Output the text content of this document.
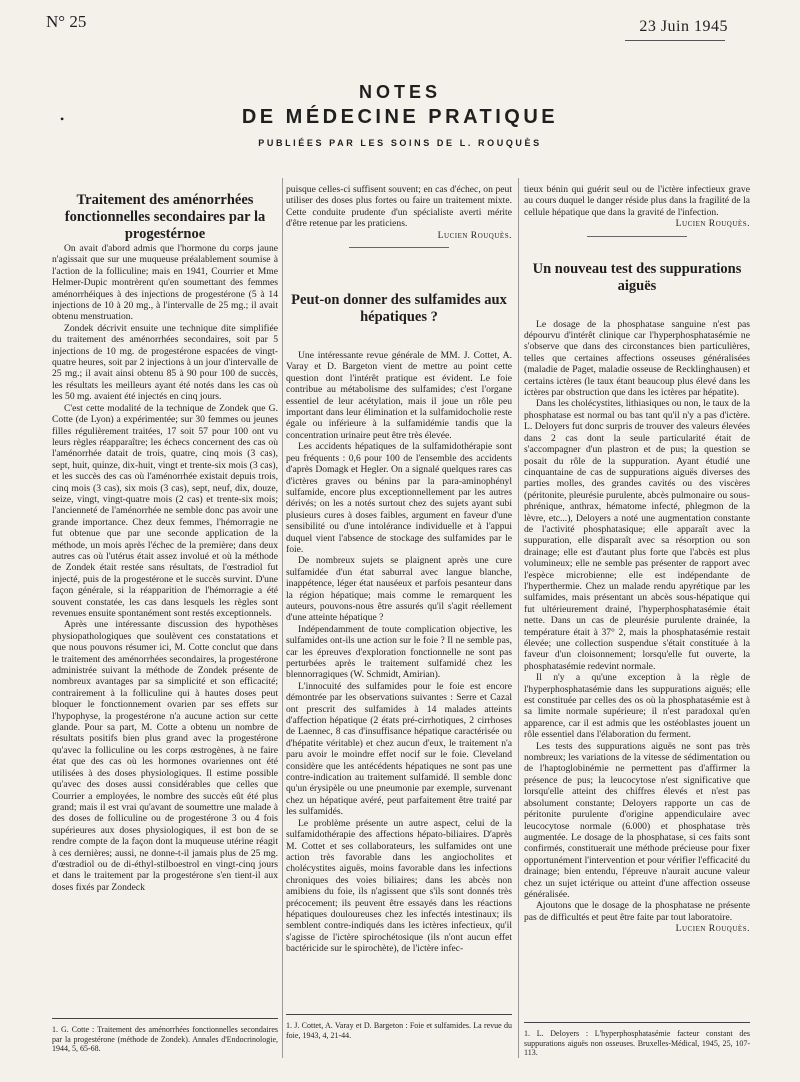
N° 25	23 Juin 1945
•
NOTES
DE MÉDECINE PRATIQUE
PUBLIÉES PAR LES SOINS DE L. ROUQUÈS

Traitement des aménorrhées fonctionnelles secondaires par la progestérnoe

On avait d'abord admis que l'hormone du corps jaune n'agissait que sur une muqueuse préalablement soumise à l'action de la folliculine; mais en 1941, Courrier et Mme Helmer-Dupic montrèrent qu'en soumettant des femmes aménorrhéiques à des injections de progestérone (5 à 14 injections de 10 à 20 mg., à l'intervalle de 25 mg.; il avait obtenu menstruation.

Zondek décrivit ensuite une technique dite simplifiée du traitement des aménorrhées secondaires, soit par 5 injections de 10 mg. de progestérone espacées de vingt-quatre heures, soit par 2 injections à un jour d'intervalle de 25 mg.; il avait ainsi obtenu 85 à 90 pour 100 de succès, les résultats les meilleurs ayant été notés dans les cas où les 50 mg. avaient été injectés en cinq jours.

C'est cette modalité de la technique de Zondek que G. Cotte (de Lyon) a expérimentée; sur 30 femmes ou jeunes filles régulièrement traitées, 17 soit 57 pour 100 ont vu leurs règles réapparaître; les échecs concernent des cas où l'aménorrhée datait de trois, quatre, cinq mois (3 cas), sept, huit, quinze, dix-huit, vingt et trente-six mois (3 cas), et les succès des cas où l'aménorrhée existait depuis trois, cinq mois (3 cas), six mois (3 cas), sept, neuf, dix, douze, seize, vingt, vingt-quatre mois (2 cas) et trente-six mois; l'ancienneté de l'aménorrhée ne semble donc pas avoir une grande importance. Chez deux femmes, l'hémorragie ne fut obtenue que par une seconde application de la méthode, un mois après l'échec de la première; dans deux autres cas où l'utérus était assez involué et où la méthode de Zondek était restée sans résultats, de l'œstradiol fut injecté, puis de la progestérone et le succès survint. D'une façon générale, si la réapparition de l'hémorragie a été souvent constatée, les cas dans lesquels les règles sont revenues ensuite spontanément sont restés exceptionnels.

Après une intéressante discussion des hypothèses physiopathologiques que soulèvent ces constatations et que nous pouvons résumer ici, M. Cotte conclut que dans le traitement des aménorrhées secondaires, la progestérone administrée suivant la méthode de Zondek présente de nombreux avantages par sa simplicité et son efficacité; contrairement à la folliculine qui à hautes doses peut bloquer le fonctionnement ovarien par ses effets sur l'hypophyse, la progestérone n'a aucune action sur cette glande. Pour sa part, M. Cotte a obtenu un nombre de résultats positifs bien plus grand avec la progestérone qu'avec la folliculine ou les corps œstrogènes, à ne faire état que des cas où les hormones ovariennes ont été utilisées à des doses physiologiques. Il estime possible qu'avec des doses aussi considérables que celles que Courrier a employées, le nombre des succès eût été plus grand; mais il est vrai qu'avant de soumettre une malade à des doses de folliculine ou de progestérone 3 ou 4 fois supérieures aux doses physiologiques, il est bon de se rendre compte de la façon dont la muqueuse utérine réagit à ces dernières; aussi, ne donne-t-il jamais plus de 25 mg. d'œstradiol ou de di-éthyl-stilboestrol en vingt-cinq jours et dans le traitement par la progestérone s'en tient-il aux doses fixés par Zondeck

1. G. Cotte : Traitement des aménorrhées fonctionnelles secondaires par la progestérone (méthode de Zondek). Annales d'Endocrinologie, 1944, 5, 65-68.

puisque celles-ci suffisent souvent; en cas d'échec, on peut utiliser des doses plus fortes ou faire un traitement mixte. Cette conduite prudente d'un spécialiste averti mérite d'être retenue par les praticiens.

Lucien Rouquès.

Peut-on donner des sulfamides aux hépatiques ?

Une intéressante revue générale de MM. J. Cottet, A. Varay et D. Bargeton vient de mettre au point cette question dont l'intérêt pratique est évident. Le foie contribue au métabolisme des sulfamides; c'est l'organe essentiel de leur acétylation, mais il joue un rôle peu important dans leur élimination et la sulfamidocholie reste égale ou inférieure à la sulfamidémie tandis que la concentration urinaire peut être très élevée.

Les accidents hépatiques de la sulfamidothérapie sont peu fréquents : 0,6 pour 100 de l'ensemble des accidents d'après Domagk et Hegler. On a signalé quelques rares cas d'ictères graves ou bénins par la para-aminophényl sulfamide, encore plus exceptionnellement par les autres dérivés; on les a notés surtout chez des sujets ayant subi plusieurs cures à doses faibles, argument en faveur d'une sensibilité ou d'une intolérance individuelle et à l'appui duquel vient l'absence de stockage des sulfamides par le foie.

De nombreux sujets se plaignent après une cure sulfamidée d'un état saburral avec langue blanche, inappétence, léger état nauséeux et parfois pesanteur dans la région hépatique; mais comme le remarquent les auteurs, pouvons-nous être assurés qu'il s'agit réellement d'une atteinte hépatique ?

Indépendamment de toute complication objective, les sulfamides ont-ils une action sur le foie ? Il ne semble pas, car les épreuves d'exploration fonctionnelle ne sont pas perturbées après le traitement sulfamidé chez les blennorragiques (W. Schmidt, Amirian).

L'innocuité des sulfamides pour le foie est encore démontrée par les observations suivantes : Serre et Cazal ont prescrit des sulfamides à 14 malades atteints d'affection hépatique (2 états pré-cirrhotiques, 2 cirrhoses de Laennec, 8 cas d'insuffisance hépatique caractérisée ou d'hépatite véritable) et chez aucun d'eux, le traitement n'a paru avoir le moindre effet nocif sur le foie. Cleveland considère que les antécédents hépatiques ne sont pas une contre-indication au traitement sulfamidé. Il semble donc qu'un érysipèle ou une pneumonie par exemple, survenant chez un hépatique avéré, peut parfaitement être traité par les sulfamidés.

Le problème présente un autre aspect, celui de la sulfamidothérapie des affections hépato-biliaires. D'après M. Cottet et ses collaborateurs, les sulfamides ont une action très favorable dans les angiocholites et cholécystites aiguës, moins favorable dans les infections chroniques des voies biliaires; dans les abcès non amibiens du foie, ils n'agissent que s'ils sont donnés très précocement; ils peuvent être essayés dans les réactions hépatiques douloureuses chez les infectés intestinaux; ils semblent contre-indiqués dans les ictères infectieux, qu'il s'agisse de l'ictère spirochétosique (ils n'ont aucun effet bactéricide sur le spirochète), de l'ictère infec-

1. J. Cottet, A. Varay et D. Bargeton : Foie et sulfamides. La revue du foie, 1943, 4, 21-44.

tieux bénin qui guérit seul ou de l'ictère infectieux grave au cours duquel le danger réside plus dans la fragilité de la cellule hépatique que dans la gravité de l'infection.

Lucien Rouquès.

Un nouveau test des suppurations aiguës

Le dosage de la phosphatase sanguine n'est pas dépourvu d'intérêt clinique car l'hyperphosphatasémie ne s'observe que dans des circonstances bien particulières, telles que certaines affections osseuses généralisées (maladie de Paget, maladie osseuse de Recklinghausen) et certains ictères (le taux étant beaucoup plus élevé dans les ictères par obstruction que dans les ictères par hépatite).

Dans les cholécystites, lithiasiques ou non, le taux de la phosphatase est normal ou bas tant qu'il n'y a pas d'ictère. L. Deloyers fut donc surpris de trouver des valeurs élevées dans 2 cas dont la seule particularité était de s'accompagner d'un plastron et de pus; la question se posait du rôle de la suppuration. Ayant étudié une cinquantaine de cas de suppurations aiguës diverses des parties molles, des grandes cavités ou des viscères (péritonite, pleurésie purulente, abcès pulmonaire ou sous-phrénique, anthrax, hématome infecté, phlegmon de la lèvre, etc...), Deloyers a noté une augmentation constante de l'activité phosphatasique; elle apparaît avec la suppuration, elle disparaît avec sa résorption ou son drainage; elle est d'autant plus forte que l'abcès est plus volumineux; elle ne semble pas présenter de rapport avec l'espèce microbienne; elle est indépendante de l'hyperthermie. Chez un malade rendu apyrétique par les sulfamides, mais présentant un abcès sous-hépatique qui fut ultérieurement drainé, l'hyperphosphatasémie était nette. Dans un cas de pleurésie purulente drainée, la température était à 37° 2, mais la phosphatasémie restait élevée; une collection suspendue s'était constituée à la faveur d'un cloisonnement; lorsqu'elle fut ouverte, la phosphatasémie redevint normale.

Il n'y a qu'une exception à la règle de l'hyperphosphatasémie dans les suppurations aiguës; elle est constituée par celles des os où la phosphatasémie est à sa limite normale supérieure; il n'est paradoxal qu'en apparence, car il est admis que les ostéoblastes jouent un rôle essentiel dans l'élaboration du ferment.

Les tests des suppurations aiguës ne sont pas très nombreux; les variations de la vitesse de sédimentation ou de l'haptoglobinémie ne permettent pas d'affirmer la présence de pus; la leucocytose n'est significative que lorsqu'elle atteint des chiffres élevés et n'est pas absolument constante; Deloyers rapporte un cas de péritonite purulente d'origine appendiculaire avec leucocytose normale (6.000) et phosphatase très augmentée. Le dosage de la phosphatase, si ces faits sont confirmés, constituerait une méthode précieuse pour fixer opportunément l'intervention et pour vérifier l'efficacité du drainage; bien entendu, l'épreuve n'aurait aucune valeur chez un sujet ictérique ou atteint d'une affection osseuse généralisée.

Ajoutons que le dosage de la phosphatase ne présente pas de difficultés et peut être faite par tout laboratoire.

Lucien Rouquès.

1. L. Deloyers : L'hyperphosphatasémie facteur constant des suppurations aiguës non osseuses. Bruxelles-Médical, 1945, 25, 107-113.
